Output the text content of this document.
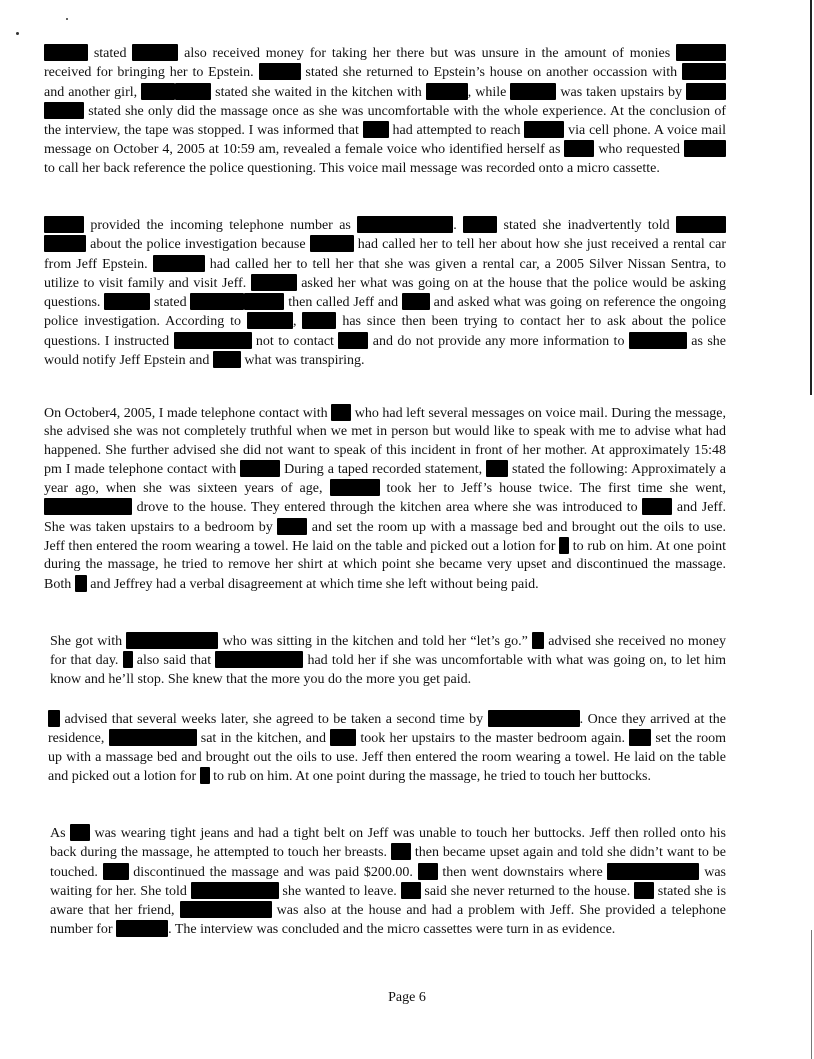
stated	also received money for taking her there but was unsure in the amount of monies  received for bringing her to Epstein.	stated she returned to Epstein’s house on another occassion with  and another girl,	stated she waited in the kitchen with	, while	was taken upstairs by  stated she only did the massage once as she was uncomfortable with the whole experience. At the conclusion of the interview, the tape was stopped. I was informed that  had attempted to reach	via cell phone. A voice mail message on October 4, 2005 at 10:59 am, revealed a female voice who identified herself as  who requested  to call her back reference the police questioning. This voice mail message was recorded onto a micro cassette.

provided the incoming telephone number as	.  stated she inadvertently told  about the police investigation because	had called her to tell her about how she just received a rental car from Jeff Epstein.	had called her to tell her that she was given a rental car, a 2005 Silver Nissan Sentra, to utilize to visit family and visit Jeff.	asked her what was going on at the house that the police would be asking questions.	stated	then called Jeff and  and asked what was going on reference the ongoing police investigation. According to	,  has since then been trying to contact her to ask about the police questions. I instructed	not to contact  and do not provide any more information to	as she would notify Jeff Epstein and  what was transpiring.

On October4, 2005, I made telephone contact with  who had left several messages on voice mail. During the message, she advised she was not completely truthful when we met in person but would like to speak with me to advise what had happened. She further advised she did not want to speak of this incident in front of her mother. At approximately 15:48 pm I made telephone contact with	During a taped recorded statement,  stated the following: Approximately a year ago, when she was sixteen years of age,	took her to Jeff’s house twice. The first time she went,  drove to the house. They entered through the kitchen area where she was introduced to  and Jeff. She was taken upstairs to a bedroom by  and set the room up with a massage bed and brought out the oils to use. Jeff then entered the room wearing a towel. He laid on the table and picked out a lotion for  to rub on him. At one point during the massage, he tried to remove her shirt at which point she became very upset and discontinued the massage. Both  and Jeffrey had a verbal disagreement at which time she left without being paid.

She got with	who was sitting in the kitchen and told her “let’s go.”  advised she received no money for that day.  also said that	had told her if she was uncomfortable with what was going on, to let him know and he’ll stop. She knew that the more you do the more you get paid.

advised that several weeks later, she agreed to be taken a second time by	. Once they arrived at the residence,	sat in the kitchen, and  took her upstairs to the master bedroom again.  set the room up with a massage bed and brought out the oils to use. Jeff then entered the room wearing a towel. He laid on the table and picked out a lotion for  to rub on him. At one point during the massage, he tried to touch her buttocks.

As  was wearing tight jeans and had a tight belt on Jeff was unable to touch her buttocks. Jeff then rolled onto his back during the massage, he attempted to touch her breasts.  then became upset again and told she didn’t want to be touched.  discontinued the massage and was paid $200.00.  then went downstairs where	was waiting for her. She told	she wanted to leave.  said she never returned to the house.  stated she is aware that her friend,	was also at the house and had a problem with Jeff. She provided a telephone number for	. The interview was concluded and the micro cassettes were turn in as evidence.

Page 6
